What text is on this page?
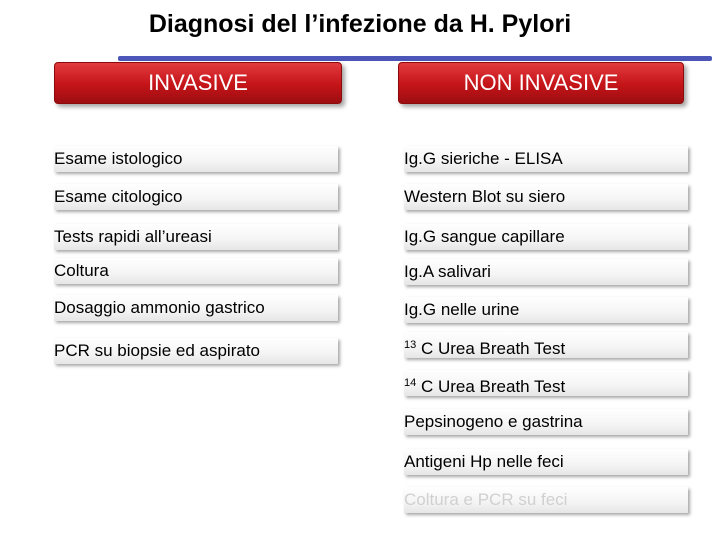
Diagnosi del l’infezione da H. Pylori
INVASIVE	NON INVASIVE
Esame istologico
Esame citologico
Tests rapidi all’ureasi
Coltura
Dosaggio ammonio gastrico
PCR su biopsie ed aspirato
Ig.G sieriche - ELISA
Western Blot su siero
Ig.G sangue capillare
Ig.A salivari
Ig.G nelle urine
$^{13}$ C Urea Breath Test
$^{14}$ C Urea Breath Test
Pepsinogeno e gastrina
Antigeni Hp nelle feci
Coltura e PCR su feci
